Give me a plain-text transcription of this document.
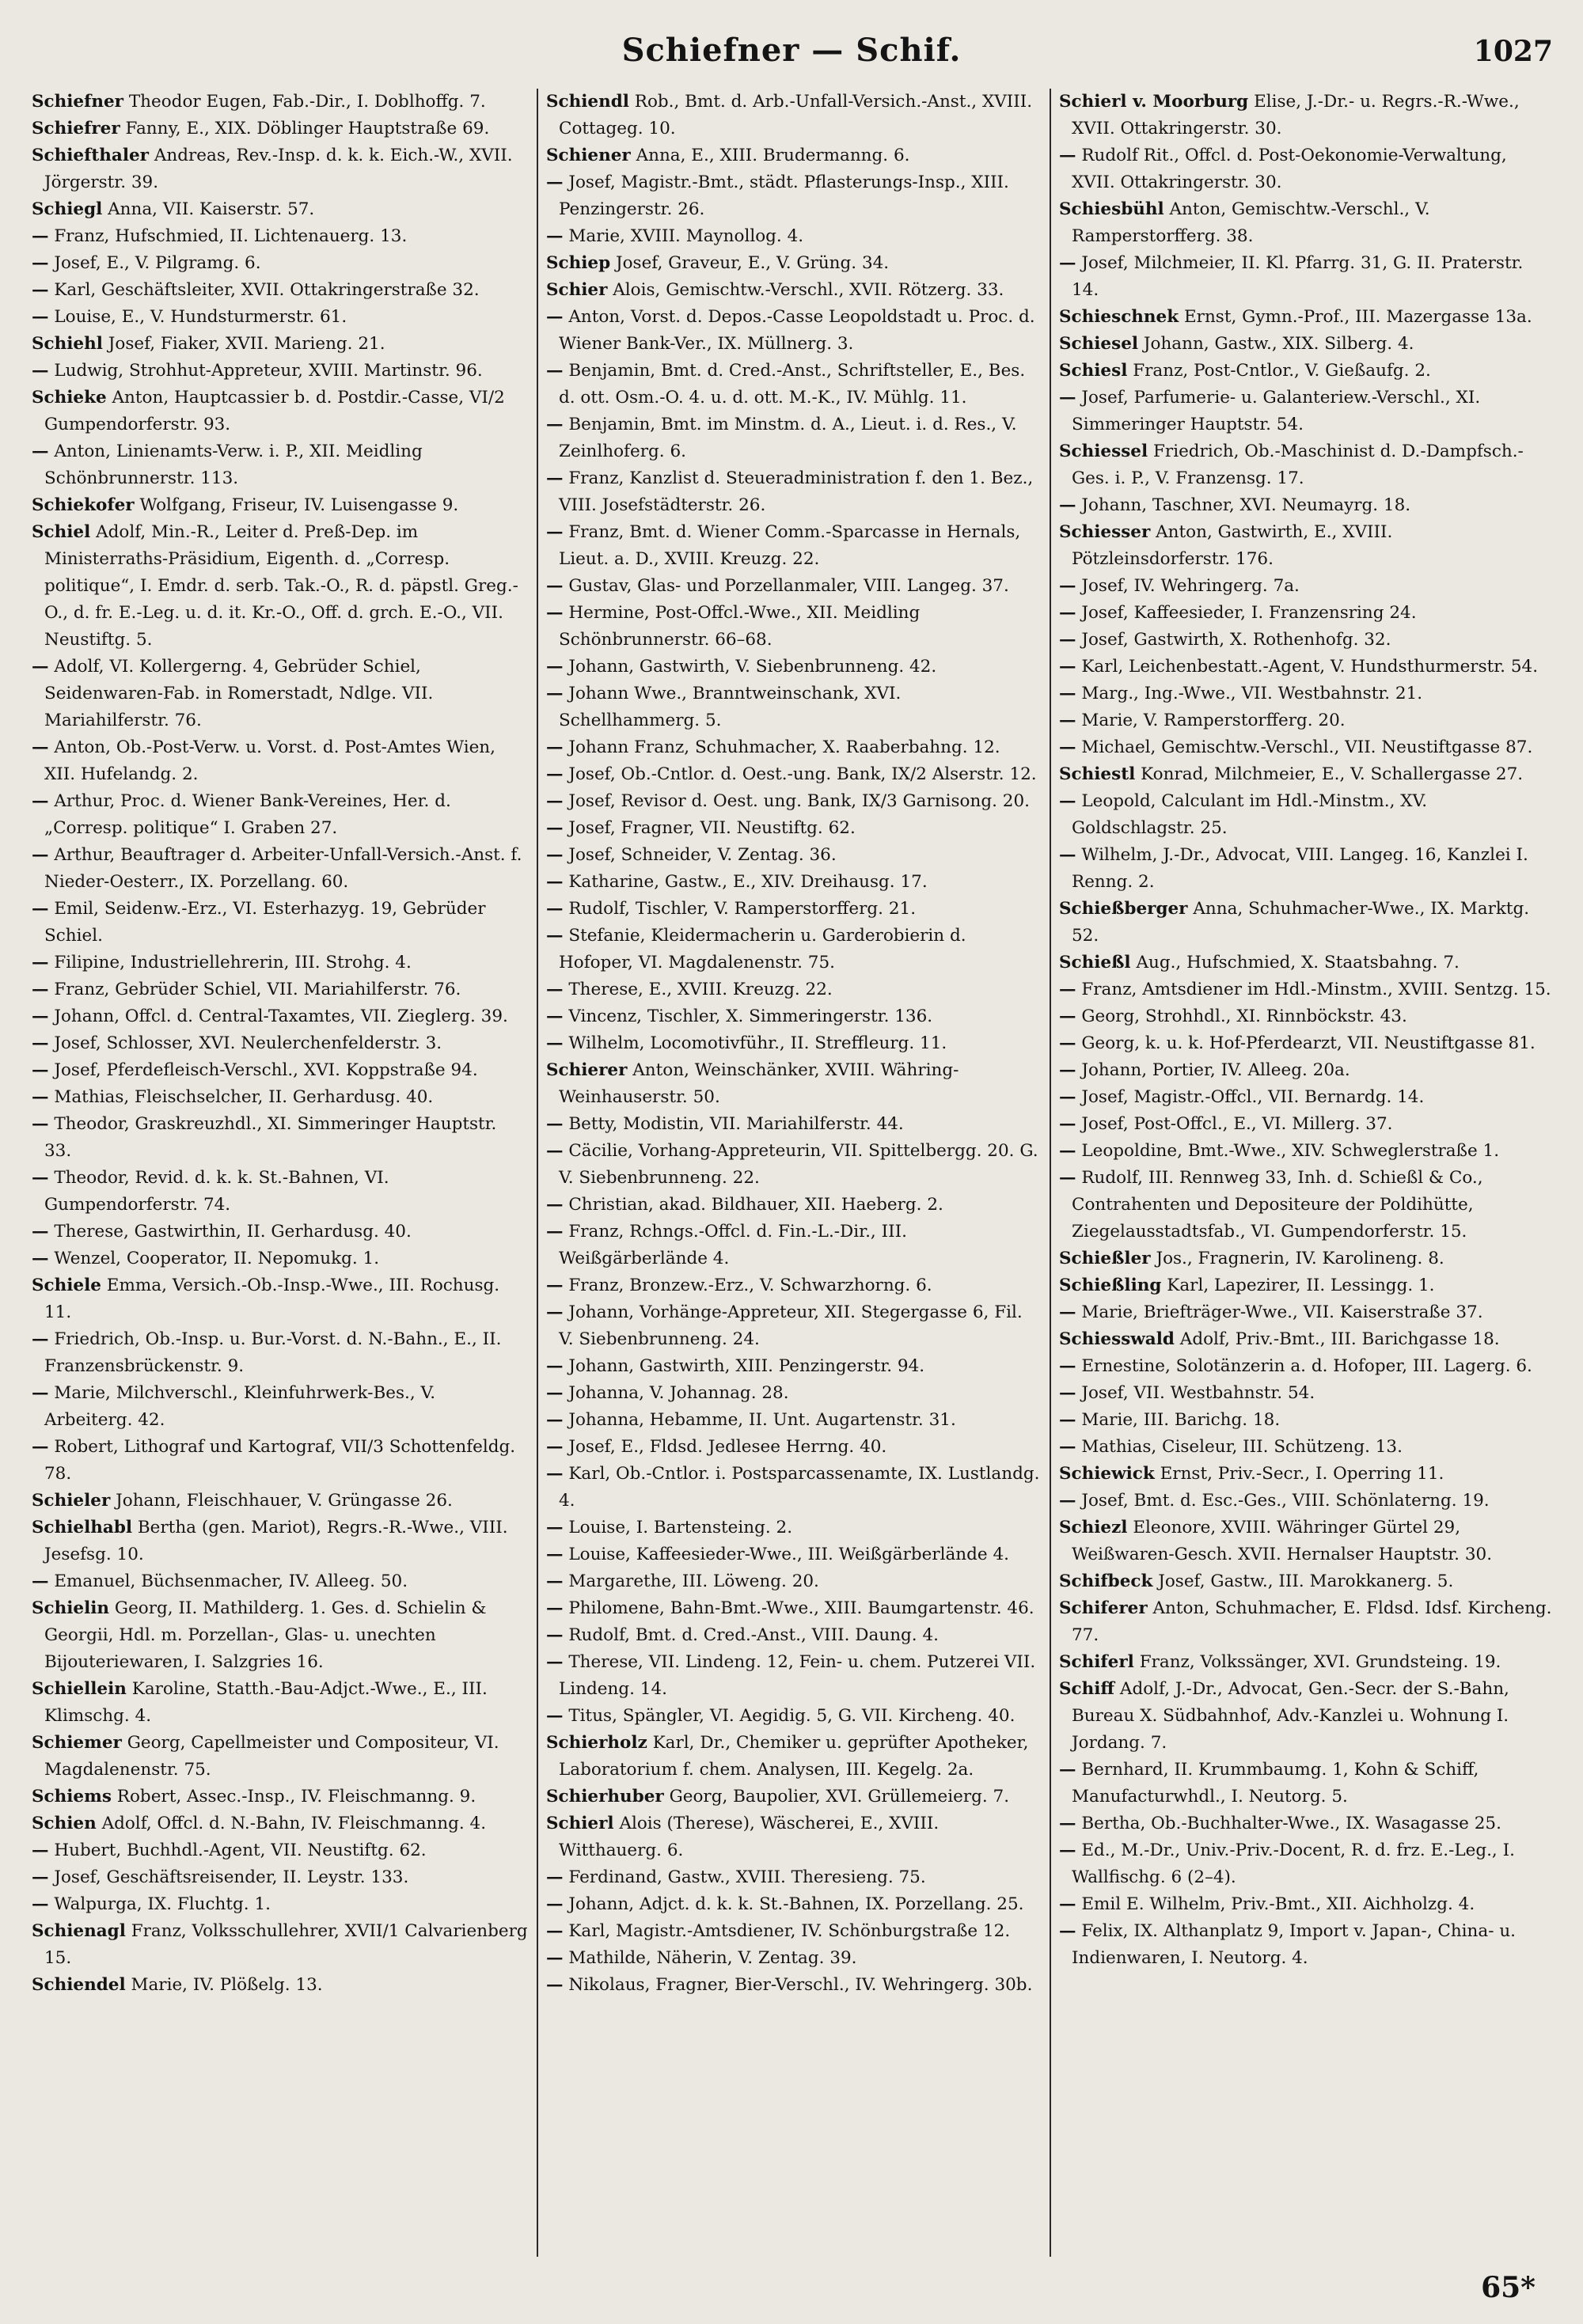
Schiefner — Schif.	1027
Schiefner Theodor Eugen, Fab.-Dir., I. Doblhoffg. 7.
Schiefrer Fanny, E., XIX. Döblinger Hauptstraße 69.
Schiefthaler Andreas, Rev.-Insp. d. k. k. Eich.-W., XVII. Jörgerstr. 39.
Schiegl Anna, VII. Kaiserstr. 57.
— Franz, Hufschmied, II. Lichtenauerg. 13.
— Josef, E., V. Pilgramg. 6.
— Karl, Geschäftsleiter, XVII. Ottakringerstraße 32.
— Louise, E., V. Hundsturmerstr. 61.
Schiehl Josef, Fiaker, XVII. Marieng. 21.
— Ludwig, Strohhut-Appreteur, XVIII. Martinstr. 96.
Schieke Anton, Hauptcassier b. d. Postdir.-Casse, VI/2 Gumpendorferstr. 93.
— Anton, Linienamts-Verw. i. P., XII. Meidling Schönbrunnerstr. 113.
Schiekofer Wolfgang, Friseur, IV. Luisengasse 9.
Schiel Adolf, Min.-R., Leiter d. Preß-Dep. im Ministerraths-Präsidium, Eigenth. d. „Corresp. politique“, I. Emdr. d. serb. Tak.-O., R. d. päpstl. Greg.-O., d. fr. E.-Leg. u. d. it. Kr.-O., Off. d. grch. E.-O., VII. Neustiftg. 5.
— Adolf, VI. Kollergerng. 4, Gebrüder Schiel, Seidenwaren-Fab. in Romerstadt, Ndlge. VII. Mariahilferstr. 76.
— Anton, Ob.-Post-Verw. u. Vorst. d. Post-Amtes Wien, XII. Hufelandg. 2.
— Arthur, Proc. d. Wiener Bank-Vereines, Her. d. „Corresp. politique“ I. Graben 27.
— Arthur, Beauftrager d. Arbeiter-Unfall-Versich.-Anst. f. Nieder-Oesterr., IX. Porzellang. 60.
— Emil, Seidenw.-Erz., VI. Esterhazyg. 19, Gebrüder Schiel.
— Filipine, Industriellehrerin, III. Strohg. 4.
— Franz, Gebrüder Schiel, VII. Mariahilferstr. 76.
— Johann, Offcl. d. Central-Taxamtes, VII. Zieglerg. 39.
— Josef, Schlosser, XVI. Neulerchenfelderstr. 3.
— Josef, Pferdefleisch-Verschl., XVI. Koppstraße 94.
— Mathias, Fleischselcher, II. Gerhardusg. 40.
— Theodor, Graskreuzhdl., XI. Simmeringer Hauptstr. 33.
— Theodor, Revid. d. k. k. St.-Bahnen, VI. Gumpendorferstr. 74.
— Therese, Gastwirthin, II. Gerhardusg. 40.
— Wenzel, Cooperator, II. Nepomukg. 1.
Schiele Emma, Versich.-Ob.-Insp.-Wwe., III. Rochusg. 11.
— Friedrich, Ob.-Insp. u. Bur.-Vorst. d. N.-Bahn., E., II. Franzensbrückenstr. 9.
— Marie, Milchverschl., Kleinfuhrwerk-Bes., V. Arbeiterg. 42.
— Robert, Lithograf und Kartograf, VII/3 Schottenfeldg. 78.
Schieler Johann, Fleischhauer, V. Grüngasse 26.
Schielhabl Bertha (gen. Mariot), Regrs.-R.-Wwe., VIII. Jesefsg. 10.
— Emanuel, Büchsenmacher, IV. Alleeg. 50.
Schielin Georg, II. Mathilderg. 1. Ges. d. Schielin & Georgii, Hdl. m. Porzellan-, Glas- u. unechten Bijouteriewaren, I. Salzgries 16.
Schiellein Karoline, Statth.-Bau-Adjct.-Wwe., E., III. Klimschg. 4.
Schiemer Georg, Capellmeister und Compositeur, VI. Magdalenenstr. 75.
Schiems Robert, Assec.-Insp., IV. Fleischmanng. 9.
Schien Adolf, Offcl. d. N.-Bahn, IV. Fleischmanng. 4.
— Hubert, Buchhdl.-Agent, VII. Neustiftg. 62.
— Josef, Geschäftsreisender, II. Leystr. 133.
— Walpurga, IX. Fluchtg. 1.
Schienagl Franz, Volksschullehrer, XVII/1 Calvarienberg 15.
Schiendel Marie, IV. Plößelg. 13.
Schiendl Rob., Bmt. d. Arb.-Unfall-Versich.-Anst., XVIII. Cottageg. 10.
Schiener Anna, E., XIII. Brudermanng. 6.
— Josef, Magistr.-Bmt., städt. Pflasterungs-Insp., XIII. Penzingerstr. 26.
— Marie, XVIII. Maynollog. 4.
Schiep Josef, Graveur, E., V. Grüng. 34.
Schier Alois, Gemischtw.-Verschl., XVII. Rötzerg. 33.
— Anton, Vorst. d. Depos.-Casse Leopoldstadt u. Proc. d. Wiener Bank-Ver., IX. Müllnerg. 3.
— Benjamin, Bmt. d. Cred.-Anst., Schriftsteller, E., Bes. d. ott. Osm.-O. 4. u. d. ott. M.-K., IV. Mühlg. 11.
— Benjamin, Bmt. im Minstm. d. A., Lieut. i. d. Res., V. Zeinlhoferg. 6.
— Franz, Kanzlist d. Steueradministration f. den 1. Bez., VIII. Josefstädterstr. 26.
— Franz, Bmt. d. Wiener Comm.-Sparcasse in Hernals, Lieut. a. D., XVIII. Kreuzg. 22.
— Gustav, Glas- und Porzellanmaler, VIII. Langeg. 37.
— Hermine, Post-Offcl.-Wwe., XII. Meidling Schönbrunnerstr. 66–68.
— Johann, Gastwirth, V. Siebenbrunneng. 42.
— Johann Wwe., Branntweinschank, XVI. Schellhammerg. 5.
— Johann Franz, Schuhmacher, X. Raaberbahng. 12.
— Josef, Ob.-Cntlor. d. Oest.-ung. Bank, IX/2 Alserstr. 12.
— Josef, Revisor d. Oest. ung. Bank, IX/3 Garnisong. 20.
— Josef, Fragner, VII. Neustiftg. 62.
— Josef, Schneider, V. Zentag. 36.
— Katharine, Gastw., E., XIV. Dreihausg. 17.
— Rudolf, Tischler, V. Ramperstorfferg. 21.
— Stefanie, Kleidermacherin u. Garderobierin d. Hofoper, VI. Magdalenenstr. 75.
— Therese, E., XVIII. Kreuzg. 22.
— Vincenz, Tischler, X. Simmeringerstr. 136.
— Wilhelm, Locomotivführ., II. Streffleurg. 11.
Schierer Anton, Weinschänker, XVIII. Währing-Weinhauserstr. 50.
— Betty, Modistin, VII. Mariahilferstr. 44.
— Cäcilie, Vorhang-Appreteurin, VII. Spittelbergg. 20. G. V. Siebenbrunneng. 22.
— Christian, akad. Bildhauer, XII. Haeberg. 2.
— Franz, Rchngs.-Offcl. d. Fin.-L.-Dir., III. Weißgärberlände 4.
— Franz, Bronzew.-Erz., V. Schwarzhorng. 6.
— Johann, Vorhänge-Appreteur, XII. Stegergasse 6, Fil. V. Siebenbrunneng. 24.
— Johann, Gastwirth, XIII. Penzingerstr. 94.
— Johanna, V. Johannag. 28.
— Johanna, Hebamme, II. Unt. Augartenstr. 31.
— Josef, E., Fldsd. Jedlesee Herrng. 40.
— Karl, Ob.-Cntlor. i. Postsparcassenamte, IX. Lustlandg. 4.
— Louise, I. Bartensteing. 2.
— Louise, Kaffeesieder-Wwe., III. Weißgärberlände 4.
— Margarethe, III. Löweng. 20.
— Philomene, Bahn-Bmt.-Wwe., XIII. Baumgartenstr. 46.
— Rudolf, Bmt. d. Cred.-Anst., VIII. Daung. 4.
— Therese, VII. Lindeng. 12, Fein- u. chem. Putzerei VII. Lindeng. 14.
— Titus, Spängler, VI. Aegidig. 5, G. VII. Kircheng. 40.
Schierholz Karl, Dr., Chemiker u. geprüfter Apotheker, Laboratorium f. chem. Analysen, III. Kegelg. 2a.
Schierhuber Georg, Baupolier, XVI. Grüllemeierg. 7.
Schierl Alois (Therese), Wäscherei, E., XVIII. Witthauerg. 6.
— Ferdinand, Gastw., XVIII. Theresieng. 75.
— Johann, Adjct. d. k. k. St.-Bahnen, IX. Porzellang. 25.
— Karl, Magistr.-Amtsdiener, IV. Schönburgstraße 12.
— Mathilde, Näherin, V. Zentag. 39.
— Nikolaus, Fragner, Bier-Verschl., IV. Wehringerg. 30b.
Schierl v. Moorburg Elise, J.-Dr.- u. Regrs.-R.-Wwe., XVII. Ottakringerstr. 30.
— Rudolf Rit., Offcl. d. Post-Oekonomie-Verwaltung, XVII. Ottakringerstr. 30.
Schiesbühl Anton, Gemischtw.-Verschl., V. Ramperstorfferg. 38.
— Josef, Milchmeier, II. Kl. Pfarrg. 31, G. II. Praterstr. 14.
Schieschnek Ernst, Gymn.-Prof., III. Mazergasse 13a.
Schiesel Johann, Gastw., XIX. Silberg. 4.
Schiesl Franz, Post-Cntlor., V. Gießaufg. 2.
— Josef, Parfumerie- u. Galanteriew.-Verschl., XI. Simmeringer Hauptstr. 54.
Schiessel Friedrich, Ob.-Maschinist d. D.-Dampfsch.-Ges. i. P., V. Franzensg. 17.
— Johann, Taschner, XVI. Neumayrg. 18.
Schiesser Anton, Gastwirth, E., XVIII. Pötzleinsdorferstr. 176.
— Josef, IV. Wehringerg. 7a.
— Josef, Kaffeesieder, I. Franzensring 24.
— Josef, Gastwirth, X. Rothenhofg. 32.
— Karl, Leichenbestatt.-Agent, V. Hundsthurmerstr. 54.
— Marg., Ing.-Wwe., VII. Westbahnstr. 21.
— Marie, V. Ramperstorfferg. 20.
— Michael, Gemischtw.-Verschl., VII. Neustiftgasse 87.
Schiestl Konrad, Milchmeier, E., V. Schallergasse 27.
— Leopold, Calculant im Hdl.-Minstm., XV. Goldschlagstr. 25.
— Wilhelm, J.-Dr., Advocat, VIII. Langeg. 16, Kanzlei I. Renng. 2.
Schießberger Anna, Schuhmacher-Wwe., IX. Marktg. 52.
Schießl Aug., Hufschmied, X. Staatsbahng. 7.
— Franz, Amtsdiener im Hdl.-Minstm., XVIII. Sentzg. 15.
— Georg, Strohhdl., XI. Rinnböckstr. 43.
— Georg, k. u. k. Hof-Pferdearzt, VII. Neustiftgasse 81.
— Johann, Portier, IV. Alleeg. 20a.
— Josef, Magistr.-Offcl., VII. Bernardg. 14.
— Josef, Post-Offcl., E., VI. Millerg. 37.
— Leopoldine, Bmt.-Wwe., XIV. Schweglerstraße 1.
— Rudolf, III. Rennweg 33, Inh. d. Schießl & Co., Contrahenten und Depositeure der Poldihütte, Ziegelausstadtsfab., VI. Gumpendorferstr. 15.
Schießler Jos., Fragnerin, IV. Karolineng. 8.
Schießling Karl, Lapezirer, II. Lessingg. 1.
— Marie, Briefträger-Wwe., VII. Kaiserstraße 37.
Schiesswald Adolf, Priv.-Bmt., III. Barichgasse 18.
— Ernestine, Solotänzerin a. d. Hofoper, III. Lagerg. 6.
— Josef, VII. Westbahnstr. 54.
— Marie, III. Barichg. 18.
— Mathias, Ciseleur, III. Schützeng. 13.
Schiewick Ernst, Priv.-Secr., I. Operring 11.
— Josef, Bmt. d. Esc.-Ges., VIII. Schönlaterng. 19.
Schiezl Eleonore, XVIII. Währinger Gürtel 29, Weißwaren-Gesch. XVII. Hernalser Hauptstr. 30.
Schifbeck Josef, Gastw., III. Marokkanerg. 5.
Schiferer Anton, Schuhmacher, E. Fldsd. Idsf. Kircheng. 77.
Schiferl Franz, Volkssänger, XVI. Grundsteing. 19.
Schiff Adolf, J.-Dr., Advocat, Gen.-Secr. der S.-Bahn, Bureau X. Südbahnhof, Adv.-Kanzlei u. Wohnung I. Jordang. 7.
— Bernhard, II. Krummbaumg. 1, Kohn & Schiff, Manufacturwhdl., I. Neutorg. 5.
— Bertha, Ob.-Buchhalter-Wwe., IX. Wasagasse 25.
— Ed., M.-Dr., Univ.-Priv.-Docent, R. d. frz. E.-Leg., I. Wallfischg. 6 (2–4).
— Emil E. Wilhelm, Priv.-Bmt., XII. Aichholzg. 4.
— Felix, IX. Althanplatz 9, Import v. Japan-, China- u. Indienwaren, I. Neutorg. 4.
65*
